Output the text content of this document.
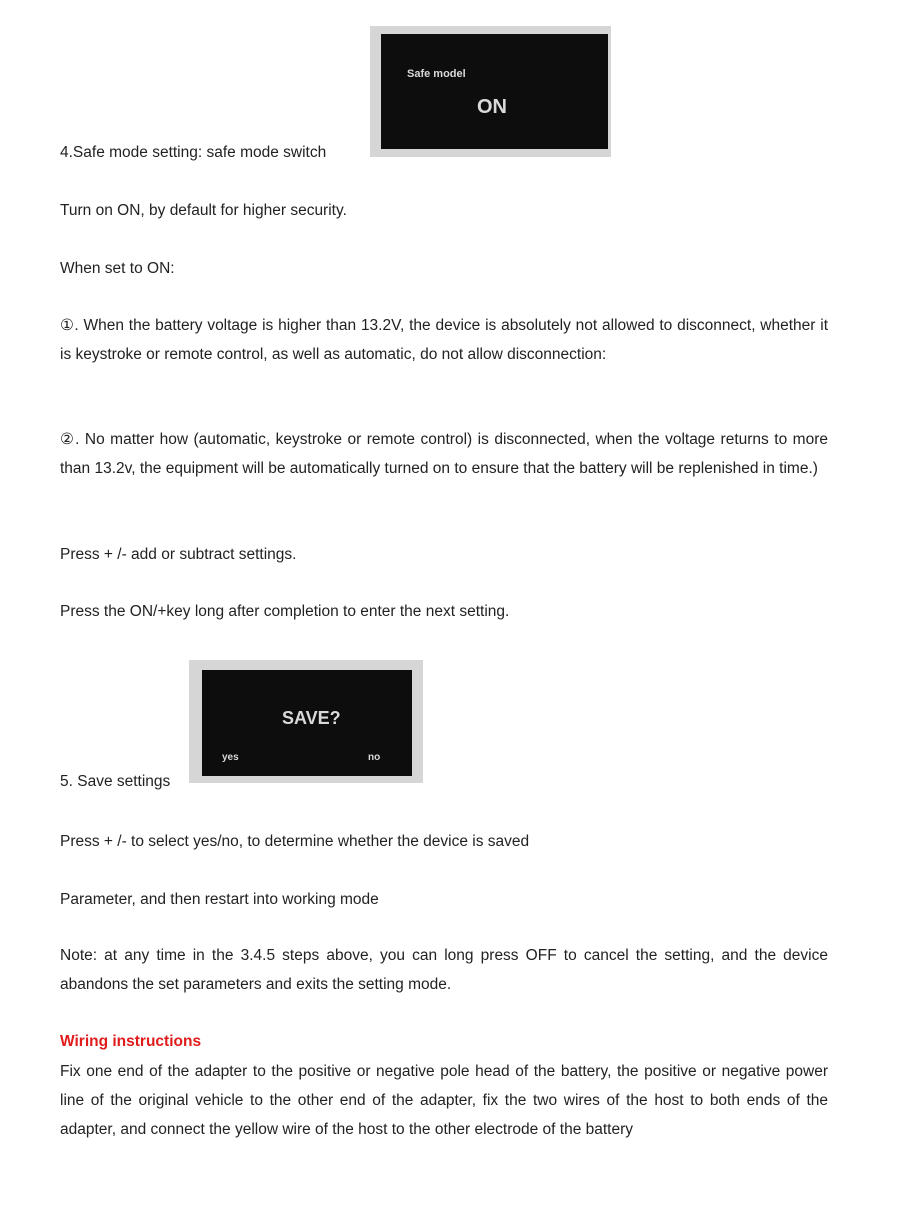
Safe model
ON

4.Safe mode setting: safe mode switch

Turn on ON, by default for higher security.

When set to ON:

①. When the battery voltage is higher than 13.2V, the device is absolutely not allowed to disconnect, whether it is keystroke or remote control, as well as automatic, do not allow disconnection:

②. No matter how (automatic, keystroke or remote control) is disconnected, when the voltage returns to more than 13.2v, the equipment will be automatically turned on to ensure that the battery will be replenished in time.)

Press + /- add or subtract settings.

Press the ON/+key long after completion to enter the next setting.

SAVE?
yes	no

5. Save settings

Press + /- to select yes/no, to determine whether the device is saved

Parameter, and then restart into working mode

Note: at any time in the 3.4.5 steps above, you can long press OFF to cancel the setting, and the device abandons the set parameters and exits the setting mode.

Wiring instructions

Fix one end of the adapter to the positive or negative pole head of the battery, the positive or negative power line of the original vehicle to the other end of the adapter, fix the two wires of the host to both ends of the adapter, and connect the yellow wire of the host to the other electrode of the battery
